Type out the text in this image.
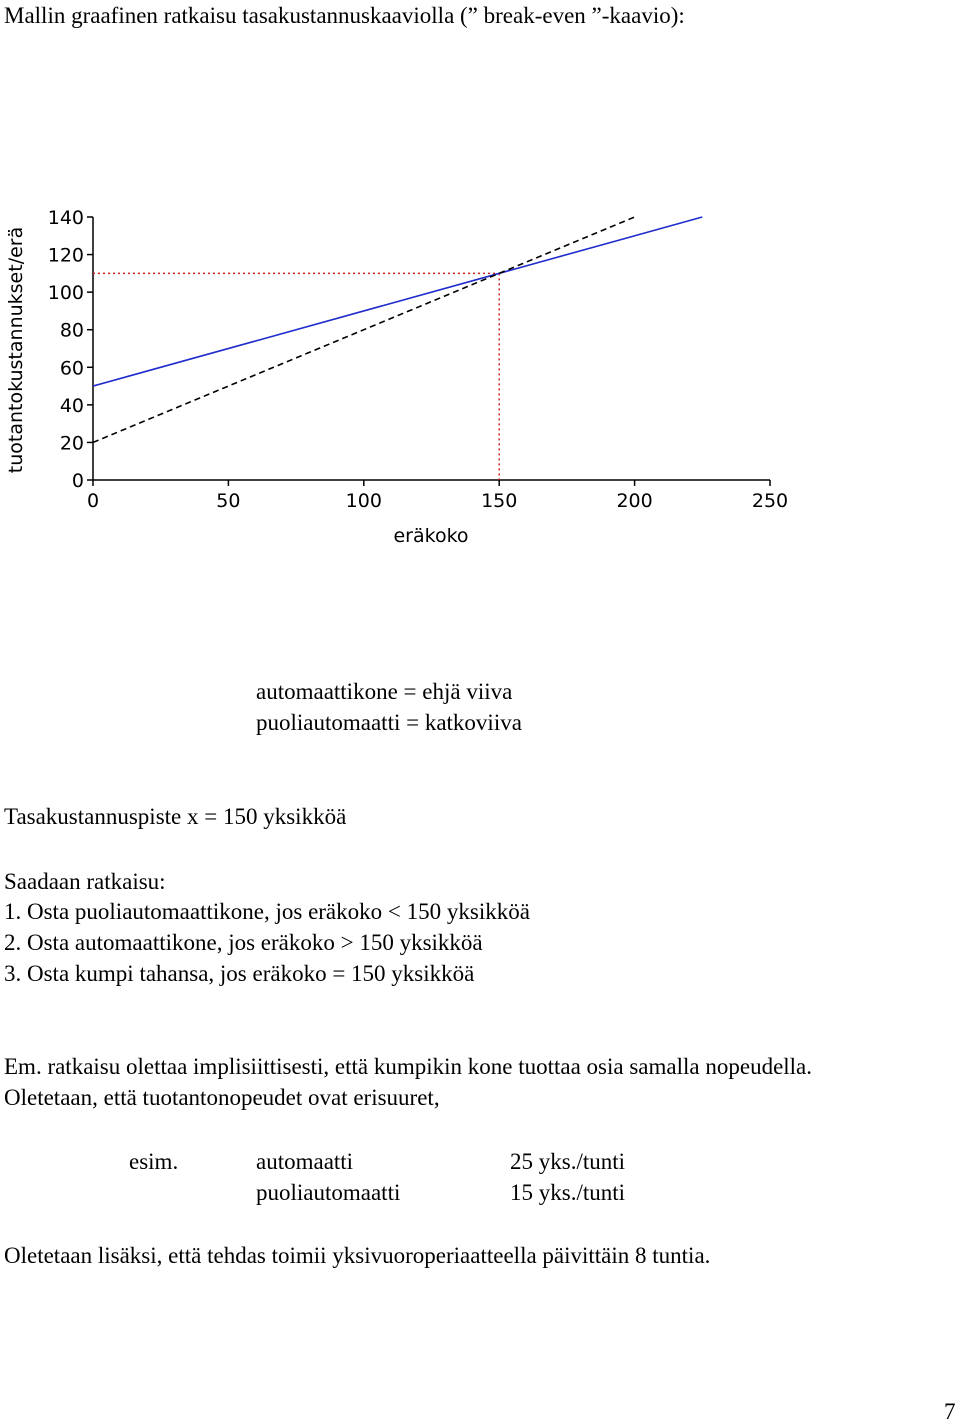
Mallin graafinen ratkaisu tasakustannuskaaviolla (” break-even ”-kaavio):
0
20
40
60
80
100
120
140
0	50	100	150	200	250
tuotantokustannukset/erä
eräkoko
automaattikone = ehjä viiva
puoliautomaatti = katkoviiva
Tasakustannuspiste x = 150 yksikköä
Saadaan ratkaisu:
1. Osta puoliautomaattikone, jos eräkoko < 150 yksikköä
2. Osta automaattikone, jos eräkoko > 150 yksikköä
3. Osta kumpi tahansa, jos eräkoko = 150 yksikköä
Em. ratkaisu olettaa implisiittisesti, että kumpikin kone tuottaa osia samalla nopeudella.
Oletetaan, että tuotantonopeudet ovat erisuuret,
esim.	automaatti	25 yks./tunti
puoliautomaatti	15 yks./tunti
Oletetaan lisäksi, että tehdas toimii yksivuoroperiaatteella päivittäin 8 tuntia.
7
